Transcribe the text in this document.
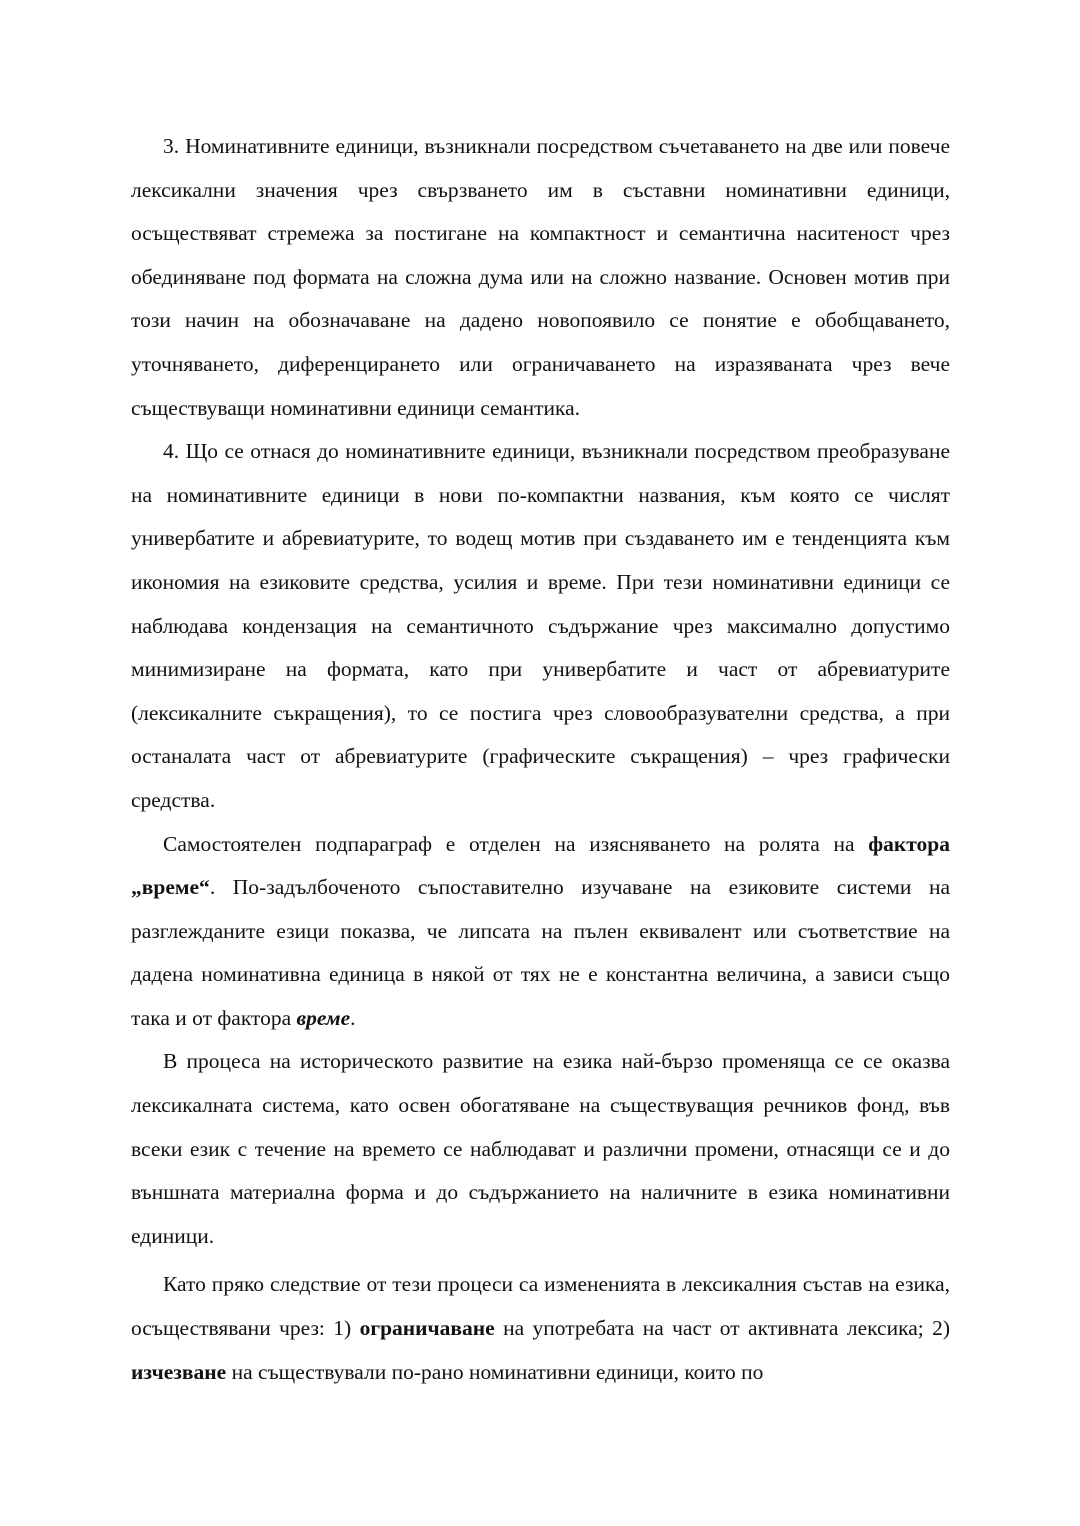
3. Номинативните единици, възникнали посредством съчетаването на две или повече лексикални значения чрез свързването им в съставни номинативни единици, осъществяват стремежа за постигане на компактност и семантична наситеност чрез обединяване под формата на сложна дума или на сложно название. Основен мотив при този начин на обозначаване на дадено новопоявило се понятие е обобщаването, уточняването, диференцирането или ограничаването на изразяваната чрез вече съществуващи номинативни единици семантика.

4. Що се отнася до номинативните единици, възникнали посредством преобразуване на номинативните единици в нови по-компактни названия, към която се числят универбатите и абревиатурите, то водещ мотив при създаването им е тенденцията към икономия на езиковите средства, усилия и време. При тези номинативни единици се наблюдава кондензация на семантичното съдържание чрез максимално допустимо минимизиране на формата, като при универбатите и част от абревиатурите (лексикалните съкращения), то се постига чрез словообразувателни средства, а при останалата част от абревиатурите (графическите съкращения) – чрез графически средства.

Самостоятелен подпараграф е отделен на изясняването на ролята на фактора „време“. По-задълбоченото съпоставително изучаване на езиковите системи на разглежданите езици показва, че липсата на пълен еквивалент или съответствие на дадена номинативна единица в някой от тях не е константна величина, а зависи също така и от фактора време.

В процеса на историческото развитие на езика най-бързо променяща се се оказва лексикалната система, като освен обогатяване на съществуващия речников фонд, във всеки език с течение на времето се наблюдават и различни промени, отнасящи се и до външната материална форма и до съдържанието на наличните в езика номинативни единици.

Като пряко следствие от тези процеси са измененията в лексикалния състав на езика, осъществявани чрез: 1) ограничаване на употребата на част от активната лексика; 2) изчезване на съществували по-рано номинативни единици, които по
